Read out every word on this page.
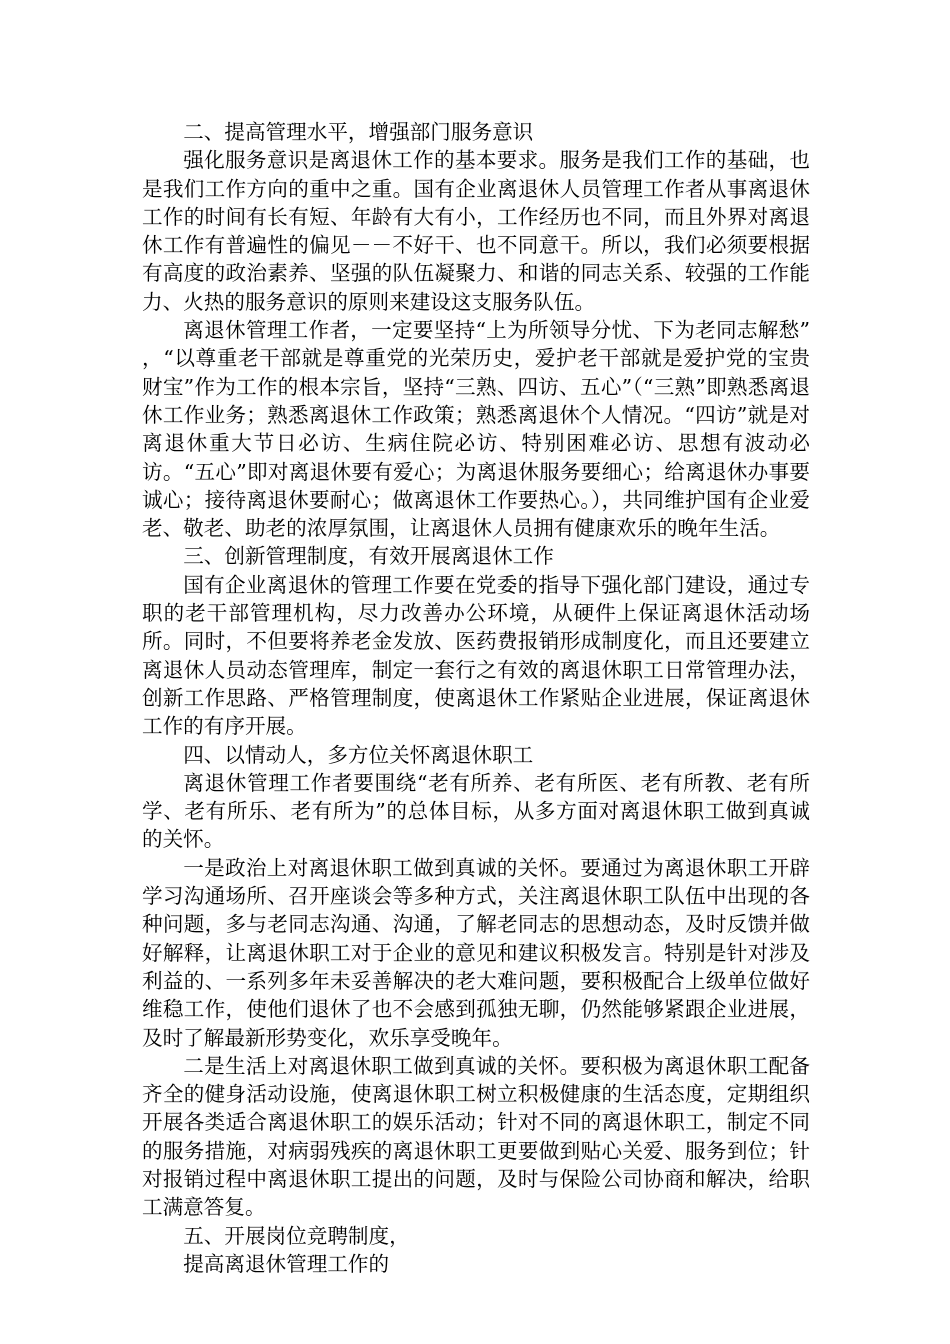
二、提高管理水平，增强部门服务意识

强化服务意识是离退休工作的基本要求。服务是我们工作的基础，也是我们工作方向的重中之重。国有企业离退休人员管理工作者从事离退休工作的时间有长有短、年龄有大有小，工作经历也不同，而且外界对离退休工作有普遍性的偏见－－不好干、也不同意干。所以，我们必须要根据有高度的政治素养、坚强的队伍凝聚力、和谐的同志关系、较强的工作能力、火热的服务意识的原则来建设这支服务队伍。

离退休管理工作者，一定要坚持“上为所领导分忧、下为老同志解愁” ，“以尊重老干部就是尊重党的光荣历史，爱护老干部就是爱护党的宝贵财宝”作为工作的根本宗旨，坚持“三熟、四访、五心”（“三熟”即熟悉离退休工作业务；熟悉离退休工作政策；熟悉离退休个人情况。“四访”就是对离退休重大节日必访、生病住院必访、特别困难必访、思想有波动必访。“五心”即对离退休要有爱心；为离退休服务要细心；给离退休办事要诚心；接待离退休要耐心；做离退休工作要热心。），共同维护国有企业爱老、敬老、助老的浓厚氛围，让离退休人员拥有健康欢乐的晚年生活。

三、创新管理制度，有效开展离退休工作

国有企业离退休的管理工作要在党委的指导下强化部门建设，通过专职的老干部管理机构，尽力改善办公环境，从硬件上保证离退休活动场所。同时，不但要将养老金发放、医药费报销形成制度化，而且还要建立离退休人员动态管理库，制定一套行之有效的离退休职工日常管理办法，创新工作思路、严格管理制度，使离退休工作紧贴企业进展，保证离退休工作的有序开展。

四、以情动人，多方位关怀离退休职工

离退休管理工作者要围绕“老有所养、老有所医、老有所教、老有所学、老有所乐、老有所为”的总体目标，从多方面对离退休职工做到真诚的关怀。

一是政治上对离退休职工做到真诚的关怀。要通过为离退休职工开辟学习沟通场所、召开座谈会等多种方式，关注离退休职工队伍中出现的各种问题，多与老同志沟通、沟通，了解老同志的思想动态，及时反馈并做好解释，让离退休职工对于企业的意见和建议积极发言。特别是针对涉及利益的、一系列多年未妥善解决的老大难问题，要积极配合上级单位做好维稳工作，使他们退休了也不会感到孤独无聊，仍然能够紧跟企业进展，及时了解最新形势变化，欢乐享受晚年。

二是生活上对离退休职工做到真诚的关怀。要积极为离退休职工配备齐全的健身活动设施，使离退休职工树立积极健康的生活态度，定期组织开展各类适合离退休职工的娱乐活动；针对不同的离退休职工，制定不同的服务措施，对病弱残疾的离退休职工更要做到贴心关爱、服务到位；针对报销过程中离退休职工提出的问题，及时与保险公司协商和解决，给职工满意答复。

五、开展岗位竞聘制度，

提高离退休管理工作的
